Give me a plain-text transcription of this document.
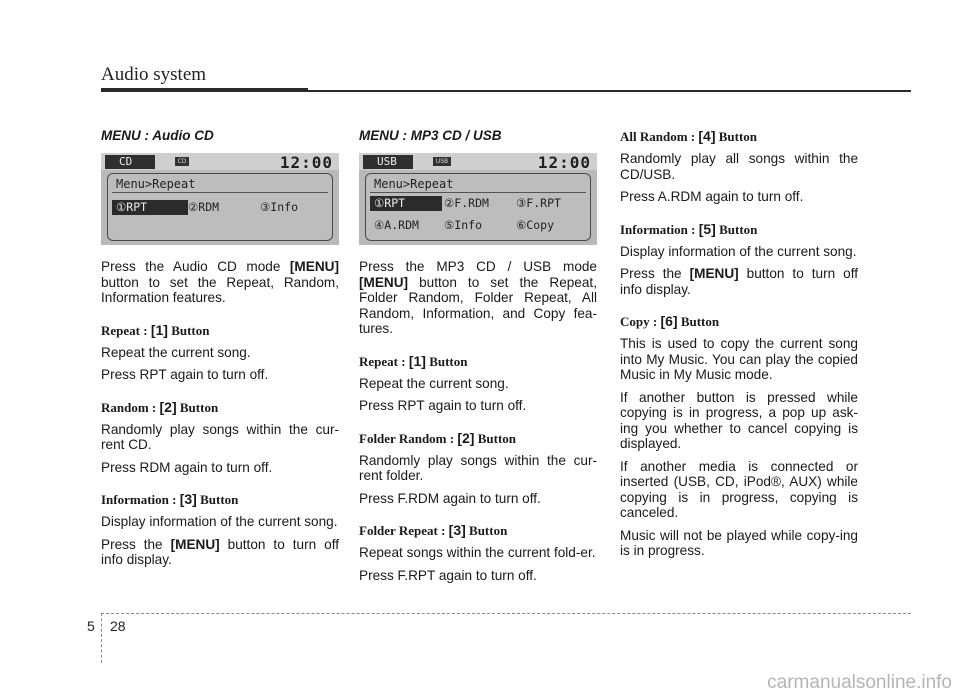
Audio system
MENU : Audio CD
CD	CD	12:00
Menu>Repeat
①RPT	②RDM	③Info

Press the Audio CD mode [MENU] button to set the Repeat, Random, Information features.

Repeat : [1] Button

Repeat the current song.

Press RPT again to turn off.

Random : [2] Button

Randomly play songs within the cur-rent CD.

Press RDM again to turn off.

Information : [3] Button

Display information of the current song.

Press the [MENU] button to turn off info display.

MENU : MP3 CD / USB
USB	USB	12:00
Menu>Repeat
①RPT	②F.RDM ③F.RPT
④A.RDM ⑤Info	⑥Copy

Press the MP3 CD / USB mode [MENU] button to set the Repeat, Folder Random, Folder Repeat, All Random, Information, and Copy fea-tures.

Repeat : [1] Button

Repeat the current song.

Press RPT again to turn off.

Folder Random : [2] Button

Randomly play songs within the cur-rent folder.

Press F.RDM again to turn off.

Folder Repeat : [3] Button

Repeat songs within the current fold-er.

Press F.RPT again to turn off.

All Random : [4] Button

Randomly play all songs within the CD/USB.

Press A.RDM again to turn off.

Information : [5] Button

Display information of the current song.

Press the [MENU] button to turn off info display.

Copy : [6] Button

This is used to copy the current song into My Music. You can play the copied Music in My Music mode.

If another button is pressed while copying is in progress, a pop up ask-ing you whether to cancel copying is displayed.

If another media is connected or inserted (USB, CD, iPod®, AUX) while copying is in progress, copying is canceled.

Music will not be played while copy-ing is in progress.

5 28
carmanualsonline.info
